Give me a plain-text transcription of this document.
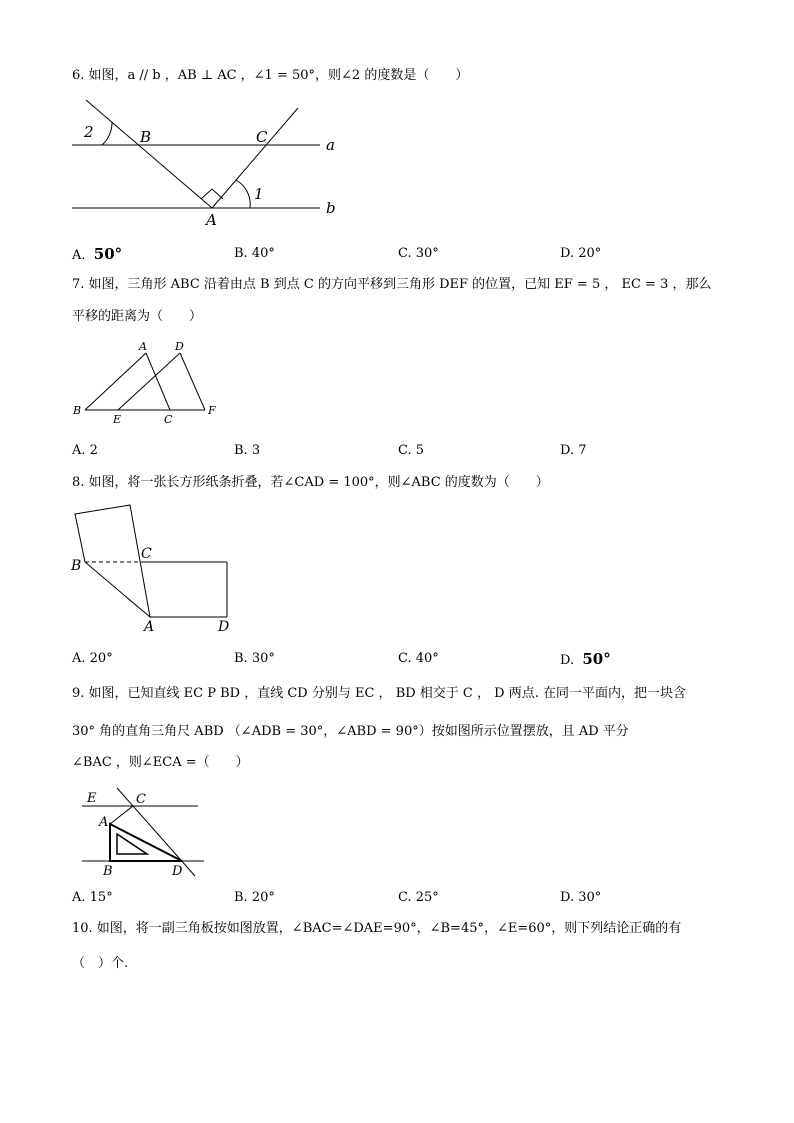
6. 如图，a // b ，AB ⊥ AC ，∠1 = 50°，则∠2 的度数是（　　）
2	B	C	a
b
A
1
A. 50°	B. 40°	C. 30°	D. 20°
7. 如图，三角形 ABC 沿着由点 B 到点 C 的方向平移到三角形 DEF 的位置，已知 EF = 5 ， EC = 3 ，那么
平移的距离为（　　）
A	D
B
E	C
F
A. 2	B. 3	C. 5	D. 7
8. 如图，将一张长方形纸条折叠，若∠CAD = 100°，则∠ABC 的度数为（　　）
B
C
A	D
A. 20°	B. 30°	C. 40°	D. 50°
9. 如图，已知直线 EC P BD ，直线 CD 分别与 EC ， BD 相交于 C ， D 两点. 在同一平面内，把一块含
30° 角的直角三角尺 ABD （∠ADB = 30°，∠ABD = 90°）按如图所示位置摆放，且 AD 平分
∠BAC ，则∠ECA =（　　）
E	C
A
B	D
A. 15°	B. 20°	C. 25°	D. 30°
10. 如图，将一副三角板按如图放置，∠BAC=∠DAE=90°，∠B=45°，∠E=60°，则下列结论正确的有
（　）个.
